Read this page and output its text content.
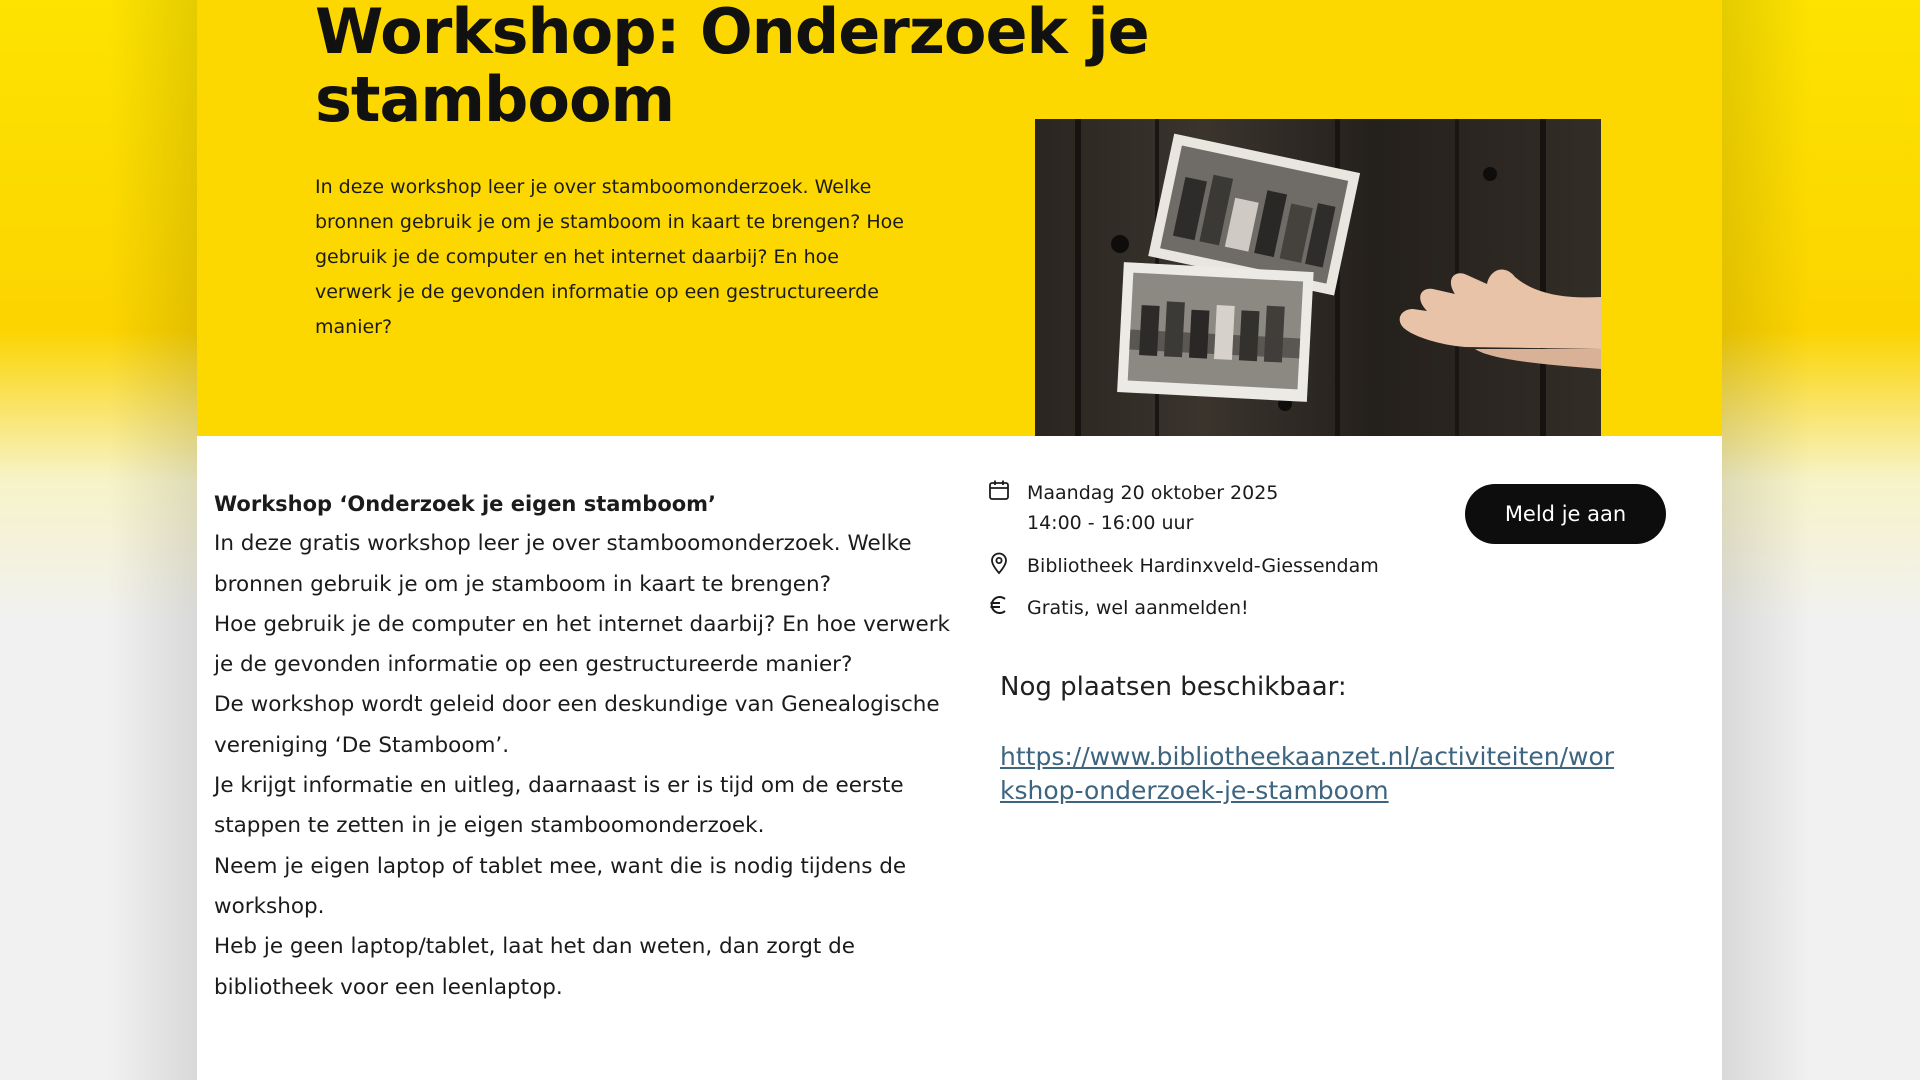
Workshop: Onderzoek je stamboom

In deze workshop leer je over stamboomonderzoek. Welke bronnen gebruik je om je stamboom in kaart te brengen? Hoe gebruik je de computer en het internet daarbij? En hoe verwerk je de gevonden informatie op een gestructureerde manier?

Workshop ‘Onderzoek je eigen stamboom’

In deze gratis workshop leer je over stamboomonderzoek. Welke bronnen gebruik je om je stamboom in kaart te brengen?

Hoe gebruik je de computer en het internet daarbij? En hoe verwerk je de gevonden informatie op een gestructureerde manier?

De workshop wordt geleid door een deskundige van Genealogische vereniging ‘De Stamboom’.

Je krijgt informatie en uitleg, daarnaast is er is tijd om de eerste stappen te zetten in je eigen stamboomonderzoek.

Neem je eigen laptop of tablet mee, want die is nodig tijdens de workshop.

Heb je geen laptop/tablet, laat het dan weten, dan zorgt de bibliotheek voor een leenlaptop.

Maandag 20 oktober 2025
14:00 - 16:00 uur
Bibliotheek Hardinxveld-Giessendam
Gratis, wel aanmelden!
Meld je aan
Nog plaatsen beschikbaar:
https://www.bibliotheekaanzet.nl/activiteiten/workshop-onderzoek-je-stamboom
